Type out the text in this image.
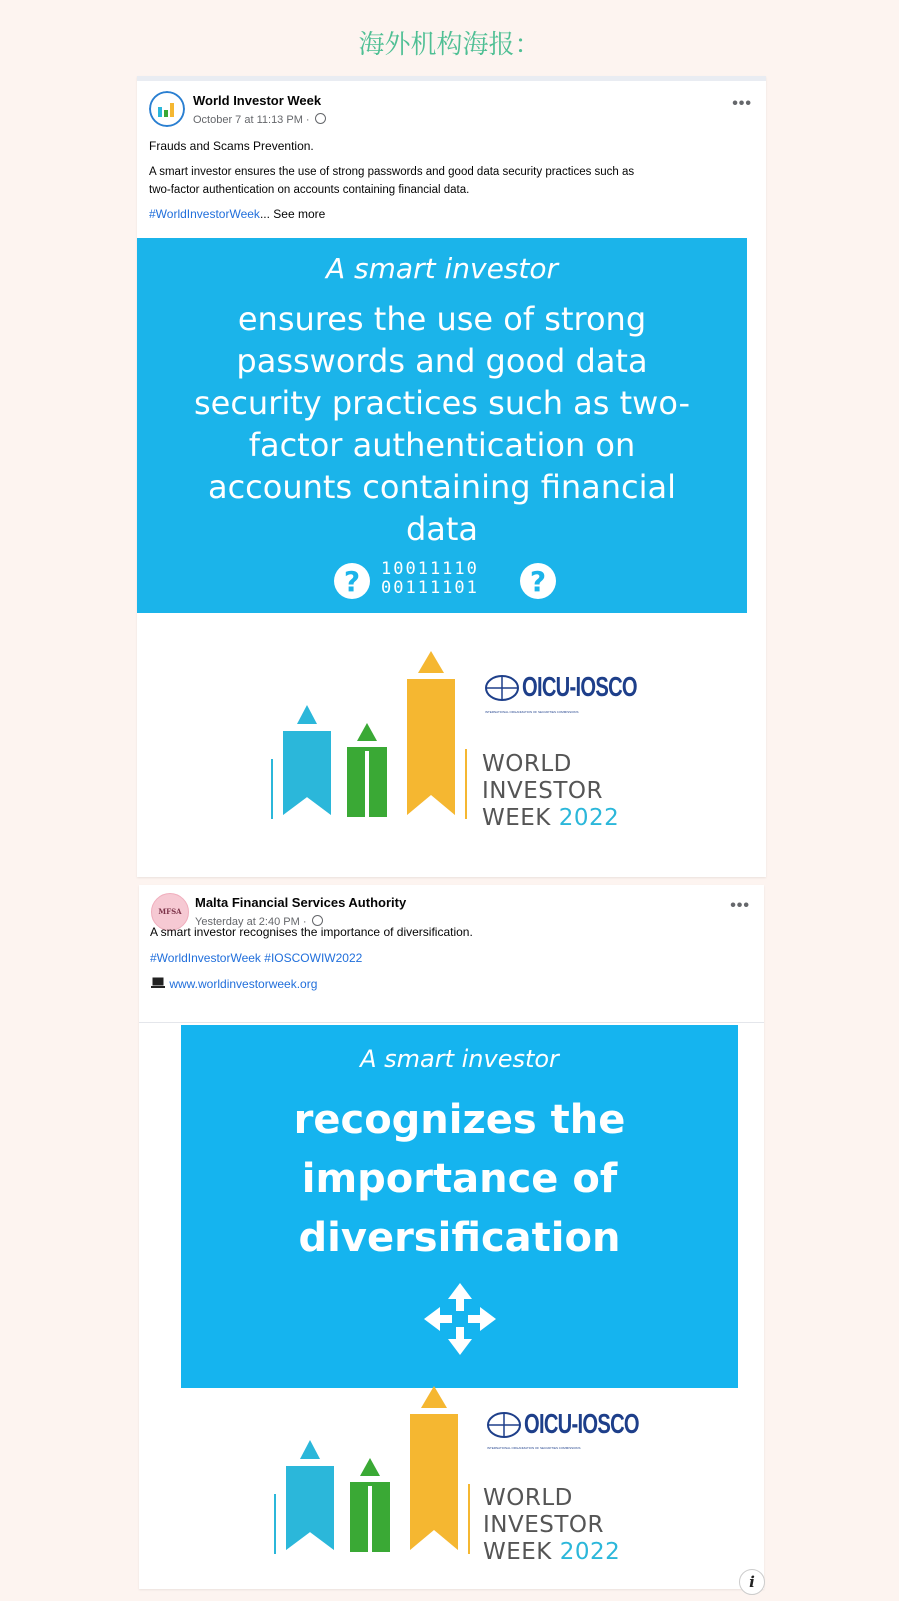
海外机构海报：
World Investor Week
October 7 at 11:13 PM ·
•••
Frauds and Scams Prevention.
A smart investor ensures the use of strong passwords and good data security practices such as
two-factor authentication on accounts containing financial data.
#WorldInvestorWeek... See more
A smart investor
ensures the use of strong
passwords and good data
security practices such as two-
factor authentication on
accounts containing financial
data
? 10011110
00111101 ?
OICU-IOSCO
INTERNATIONAL ORGANIZATION OF SECURITIES COMMISSIONS
WORLD
INVESTOR
WEEK 2022
MFSA
Malta Financial Services Authority
Yesterday at 2:40 PM ·
•••
A smart investor recognises the importance of diversification.
#WorldInvestorWeek #IOSCOWIW2022
www.worldinvestorweek.org
A smart investor
recognizes the
importance of
diversification
OICU-IOSCO
INTERNATIONAL ORGANIZATION OF SECURITIES COMMISSIONS
WORLD
INVESTOR
WEEK 2022
i
